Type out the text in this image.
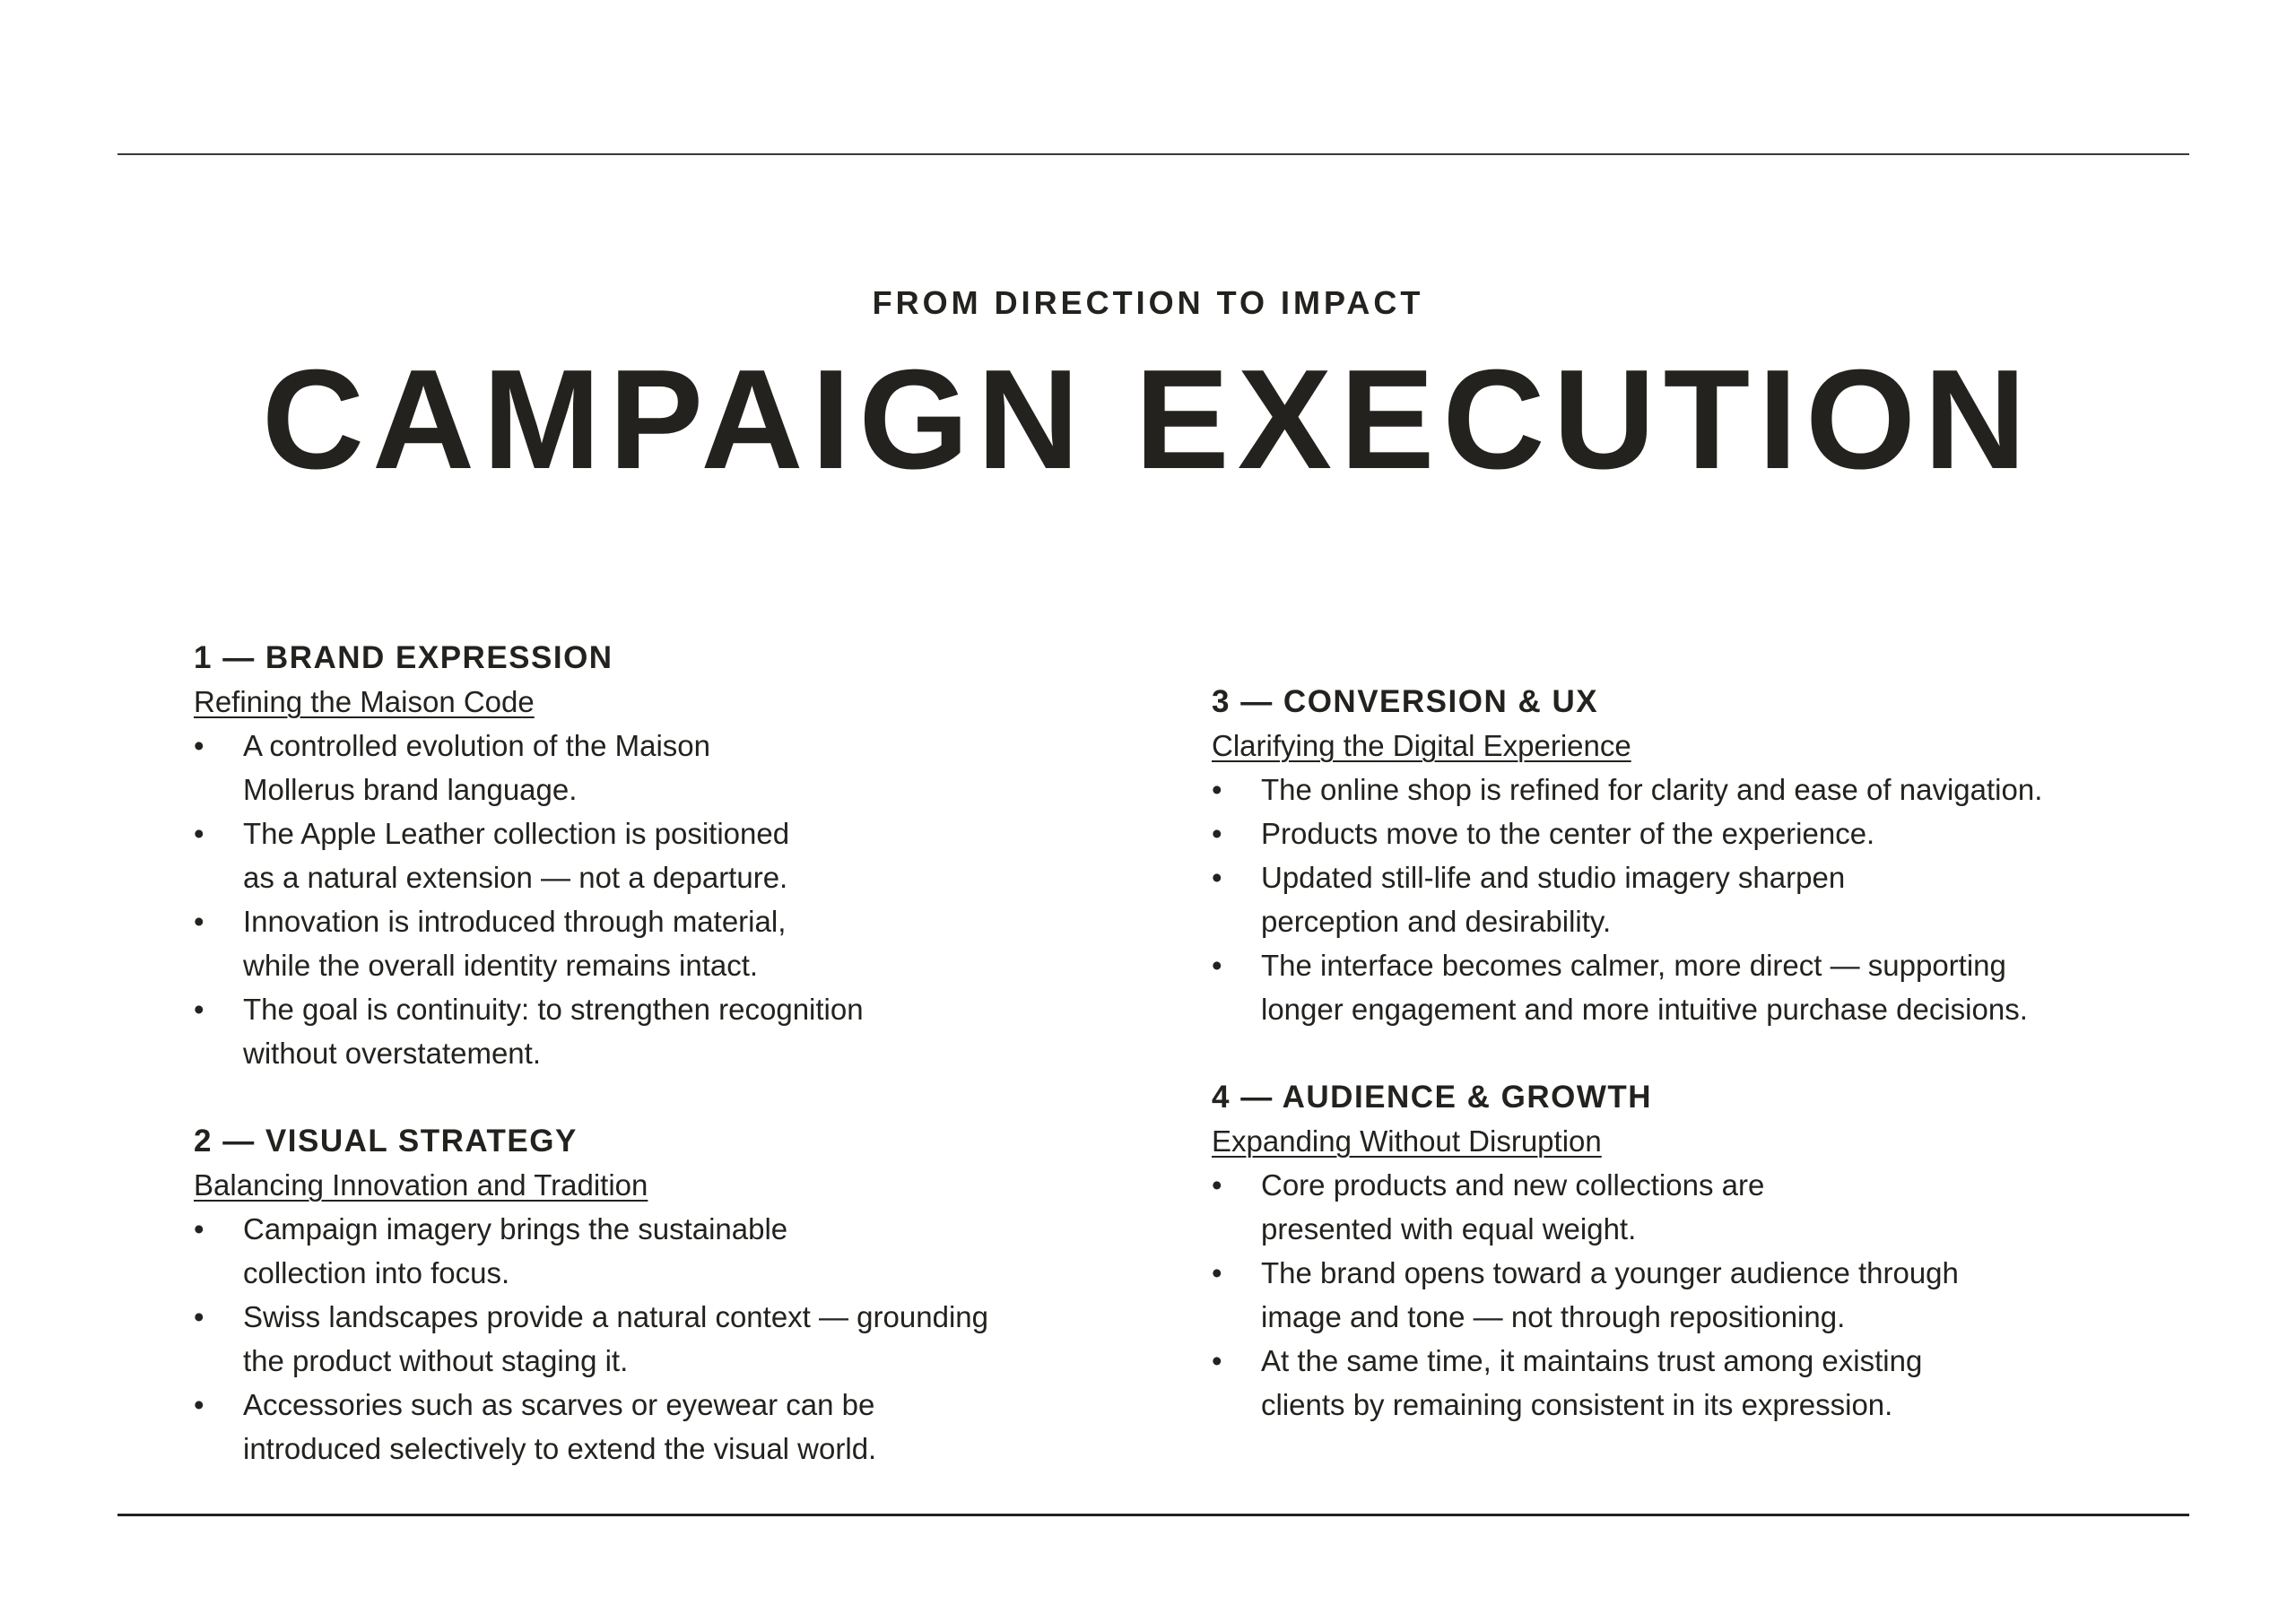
FROM DIRECTION TO IMPACT
CAMPAIGN EXECUTION
1 — BRAND EXPRESSION
Refining the Maison Code
• A controlled evolution of the Maison
Mollerus brand language.
• The Apple Leather collection is positioned
as a natural extension — not a departure.
• Innovation is introduced through material,
while the overall identity remains intact.
• The goal is continuity: to strengthen recognition
without overstatement.
2 — VISUAL STRATEGY
Balancing Innovation and Tradition
• Campaign imagery brings the sustainable
collection into focus.
• Swiss landscapes provide a natural context — grounding
the product without staging it.
• Accessories such as scarves or eyewear can be
introduced selectively to extend the visual world.
3 — CONVERSION & UX
Clarifying the Digital Experience
• The online shop is refined for clarity and ease of navigation.
• Products move to the center of the experience.
• Updated still-life and studio imagery sharpen
perception and desirability.
• The interface becomes calmer, more direct — supporting
longer engagement and more intuitive purchase decisions.
4 — AUDIENCE & GROWTH
Expanding Without Disruption
• Core products and new collections are
presented with equal weight.
• The brand opens toward a younger audience through
image and tone — not through repositioning.
• At the same time, it maintains trust among existing
clients by remaining consistent in its expression.
